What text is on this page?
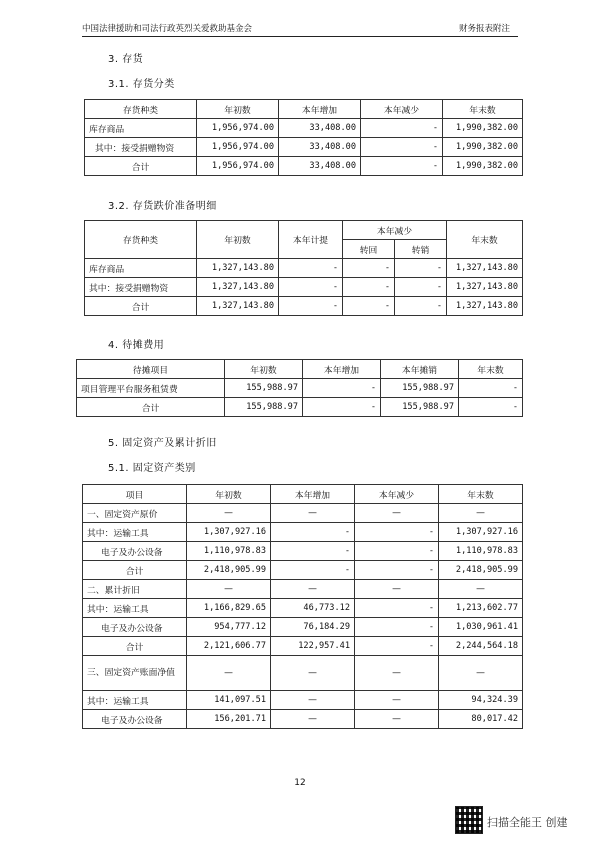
中国法律援助和司法行政英烈关爱救助基金会	财务报表附注
3. 存货
3.1. 存货分类
存货种类	年初数	本年增加	本年减少	年末数
库存商品	1,956,974.00	33,408.00	-	1,990,382.00
其中：接受捐赠物资	1,956,974.00	33,408.00	-	1,990,382.00
合计	1,956,974.00	33,408.00	-	1,990,382.00
3.2. 存货跌价准备明细
存货种类	年初数	本年计提	本年减少		年末数
			转回	转销	
库存商品	1,327,143.80	-	-	-	1,327,143.80
其中：接受捐赠物资	1,327,143.80	-	-	-	1,327,143.80
合计	1,327,143.80	-	-	-	1,327,143.80
4. 待摊费用
待摊项目	年初数	本年增加	本年摊销	年末数
项目管理平台服务租赁费	155,988.97	-	155,988.97	-
合计	155,988.97	-	155,988.97	-
5. 固定资产及累计折旧
5.1. 固定资产类别
项目	年初数	本年增加	本年减少	年末数
一、固定资产原价	—	—	—	—
其中：运输工具	1,307,927.16	-	-	1,307,927.16
电子及办公设备	1,110,978.83	-	-	1,110,978.83
合计	2,418,905.99	-	-	2,418,905.99
二、累计折旧	—	—	—	—
其中：运输工具	1,166,829.65	46,773.12	-	1,213,602.77
电子及办公设备	954,777.12	76,184.29	-	1,030,961.41
合计	2,121,606.77	122,957.41	-	2,244,564.18
三、固定资产账面净值	—	—	—	—
其中：运输工具	141,097.51	—	—	94,324.39
电子及办公设备	156,201.71	—	—	80,017.42
12
扫描全能王 创建
